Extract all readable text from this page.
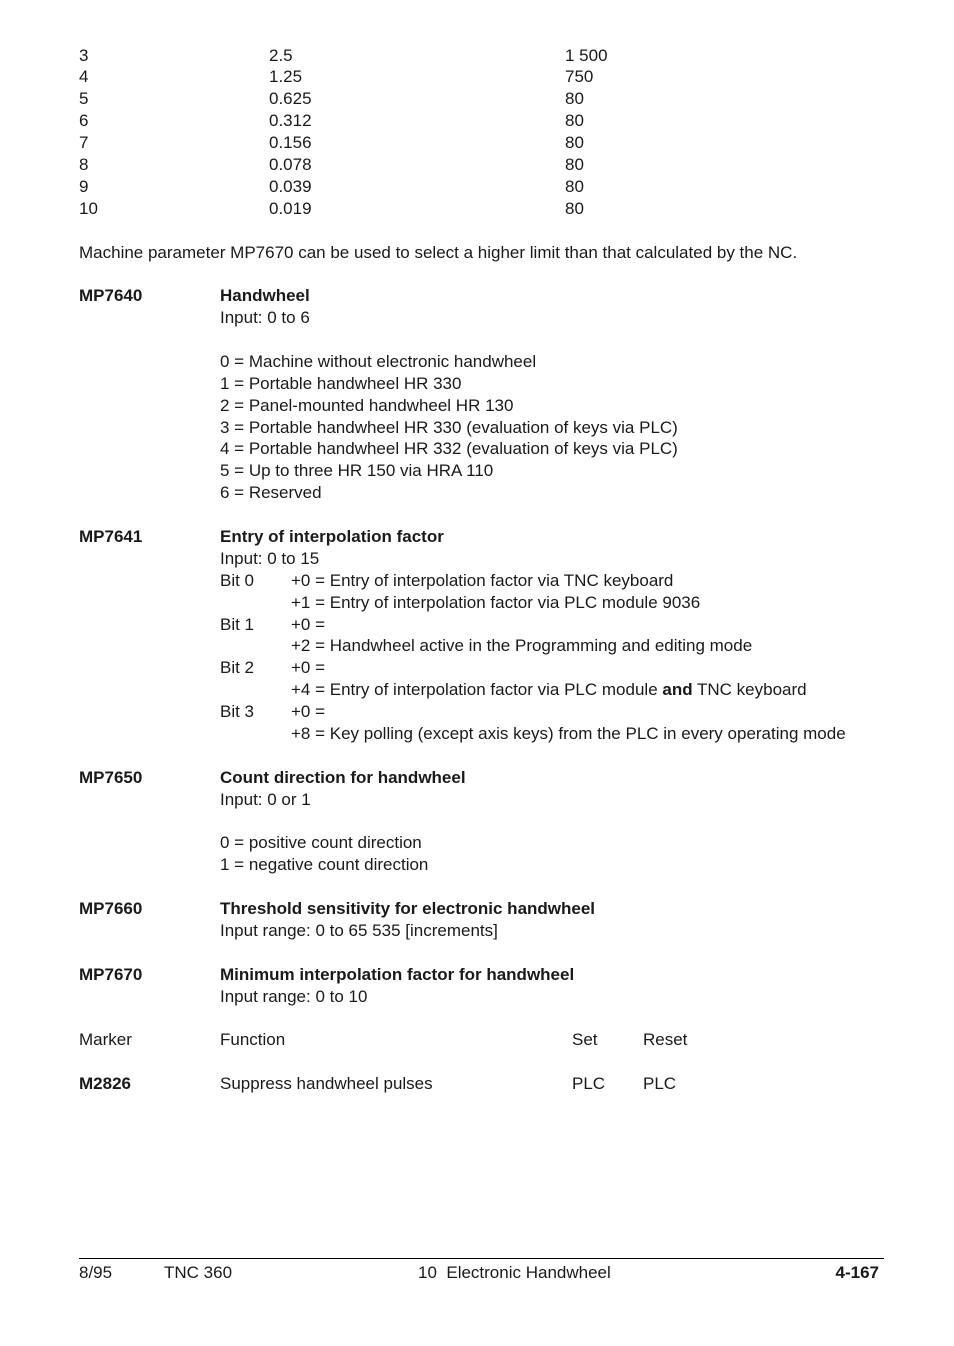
3	2.5	1 500
4	1.25	750
5	0.625	80
6	0.312	80
7	0.156	80
8	0.078	80
9	0.039	80
10	0.019	80
Machine parameter MP7670 can be used to select a higher limit than that calculated by the NC.
MP7640	Handwheel
Input: 0 to 6
0 = Machine without electronic handwheel
1 = Portable handwheel HR 330
2 = Panel-mounted handwheel HR 130
3 = Portable handwheel HR 330 (evaluation of keys via PLC)
4 = Portable handwheel HR 332 (evaluation of keys via PLC)
5 = Up to three HR 150 via HRA 110
6 = Reserved
MP7641	Entry of interpolation factor
Input: 0 to 15
Bit 0 +0 = Entry of interpolation factor via TNC keyboard
+1 = Entry of interpolation factor via PLC module 9036
Bit 1 +0 =
+2 = Handwheel active in the Programming and editing mode
Bit 2 +0 =
+4 = Entry of interpolation factor via PLC module and TNC keyboard
Bit 3 +0 =
+8 = Key polling (except axis keys) from the PLC in every operating mode
MP7650	Count direction for handwheel
Input: 0 or 1
0 = positive count direction
1 = negative count direction
MP7660	Threshold sensitivity for electronic handwheel
Input range: 0 to 65 535 [increments]
MP7670	Minimum interpolation factor for handwheel
Input range: 0 to 10
Marker	Function	Set	Reset
M2826	Suppress handwheel pulses	PLC PLC
8/95	TNC 360	10  Electronic Handwheel	4-167
